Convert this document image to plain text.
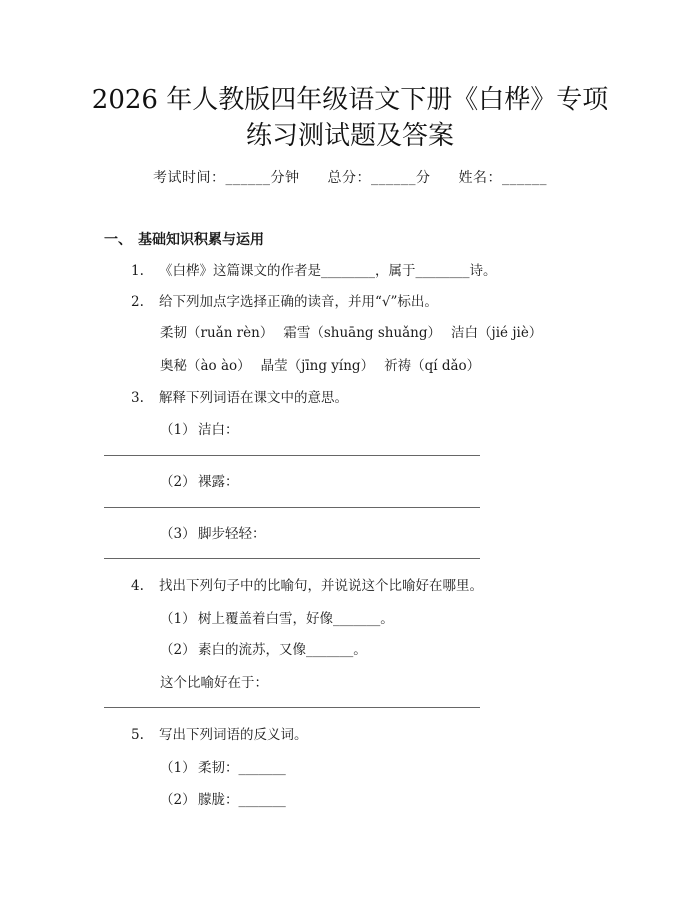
2026 年人教版四年级语文下册《白桦》专项
练习测试题及答案
考试时间：______分钟 总分：______分 姓名：______
一、 基础知识积累与运用
1. 《白桦》这篇课文的作者是________，属于________诗。
2. 给下列加点字选择正确的读音，并用“√”标出。
柔韧（ruǎn rèn） 霜雪（shuāng shuǎng） 洁白（jié jiè）
奥秘（ào ào） 晶莹（jīng yíng） 祈祷（qí dǎo）
3. 解释下列词语在课文中的意思。
（1） 洁白：
（2） 裸露：
（3） 脚步轻轻：
4. 找出下列句子中的比喻句，并说说这个比喻好在哪里。
（1） 树上覆盖着白雪，好像_______。
（2） 素白的流苏，又像_______。
这个比喻好在于：
5. 写出下列词语的反义词。
（1） 柔韧：_______
（2） 朦胧：_______
